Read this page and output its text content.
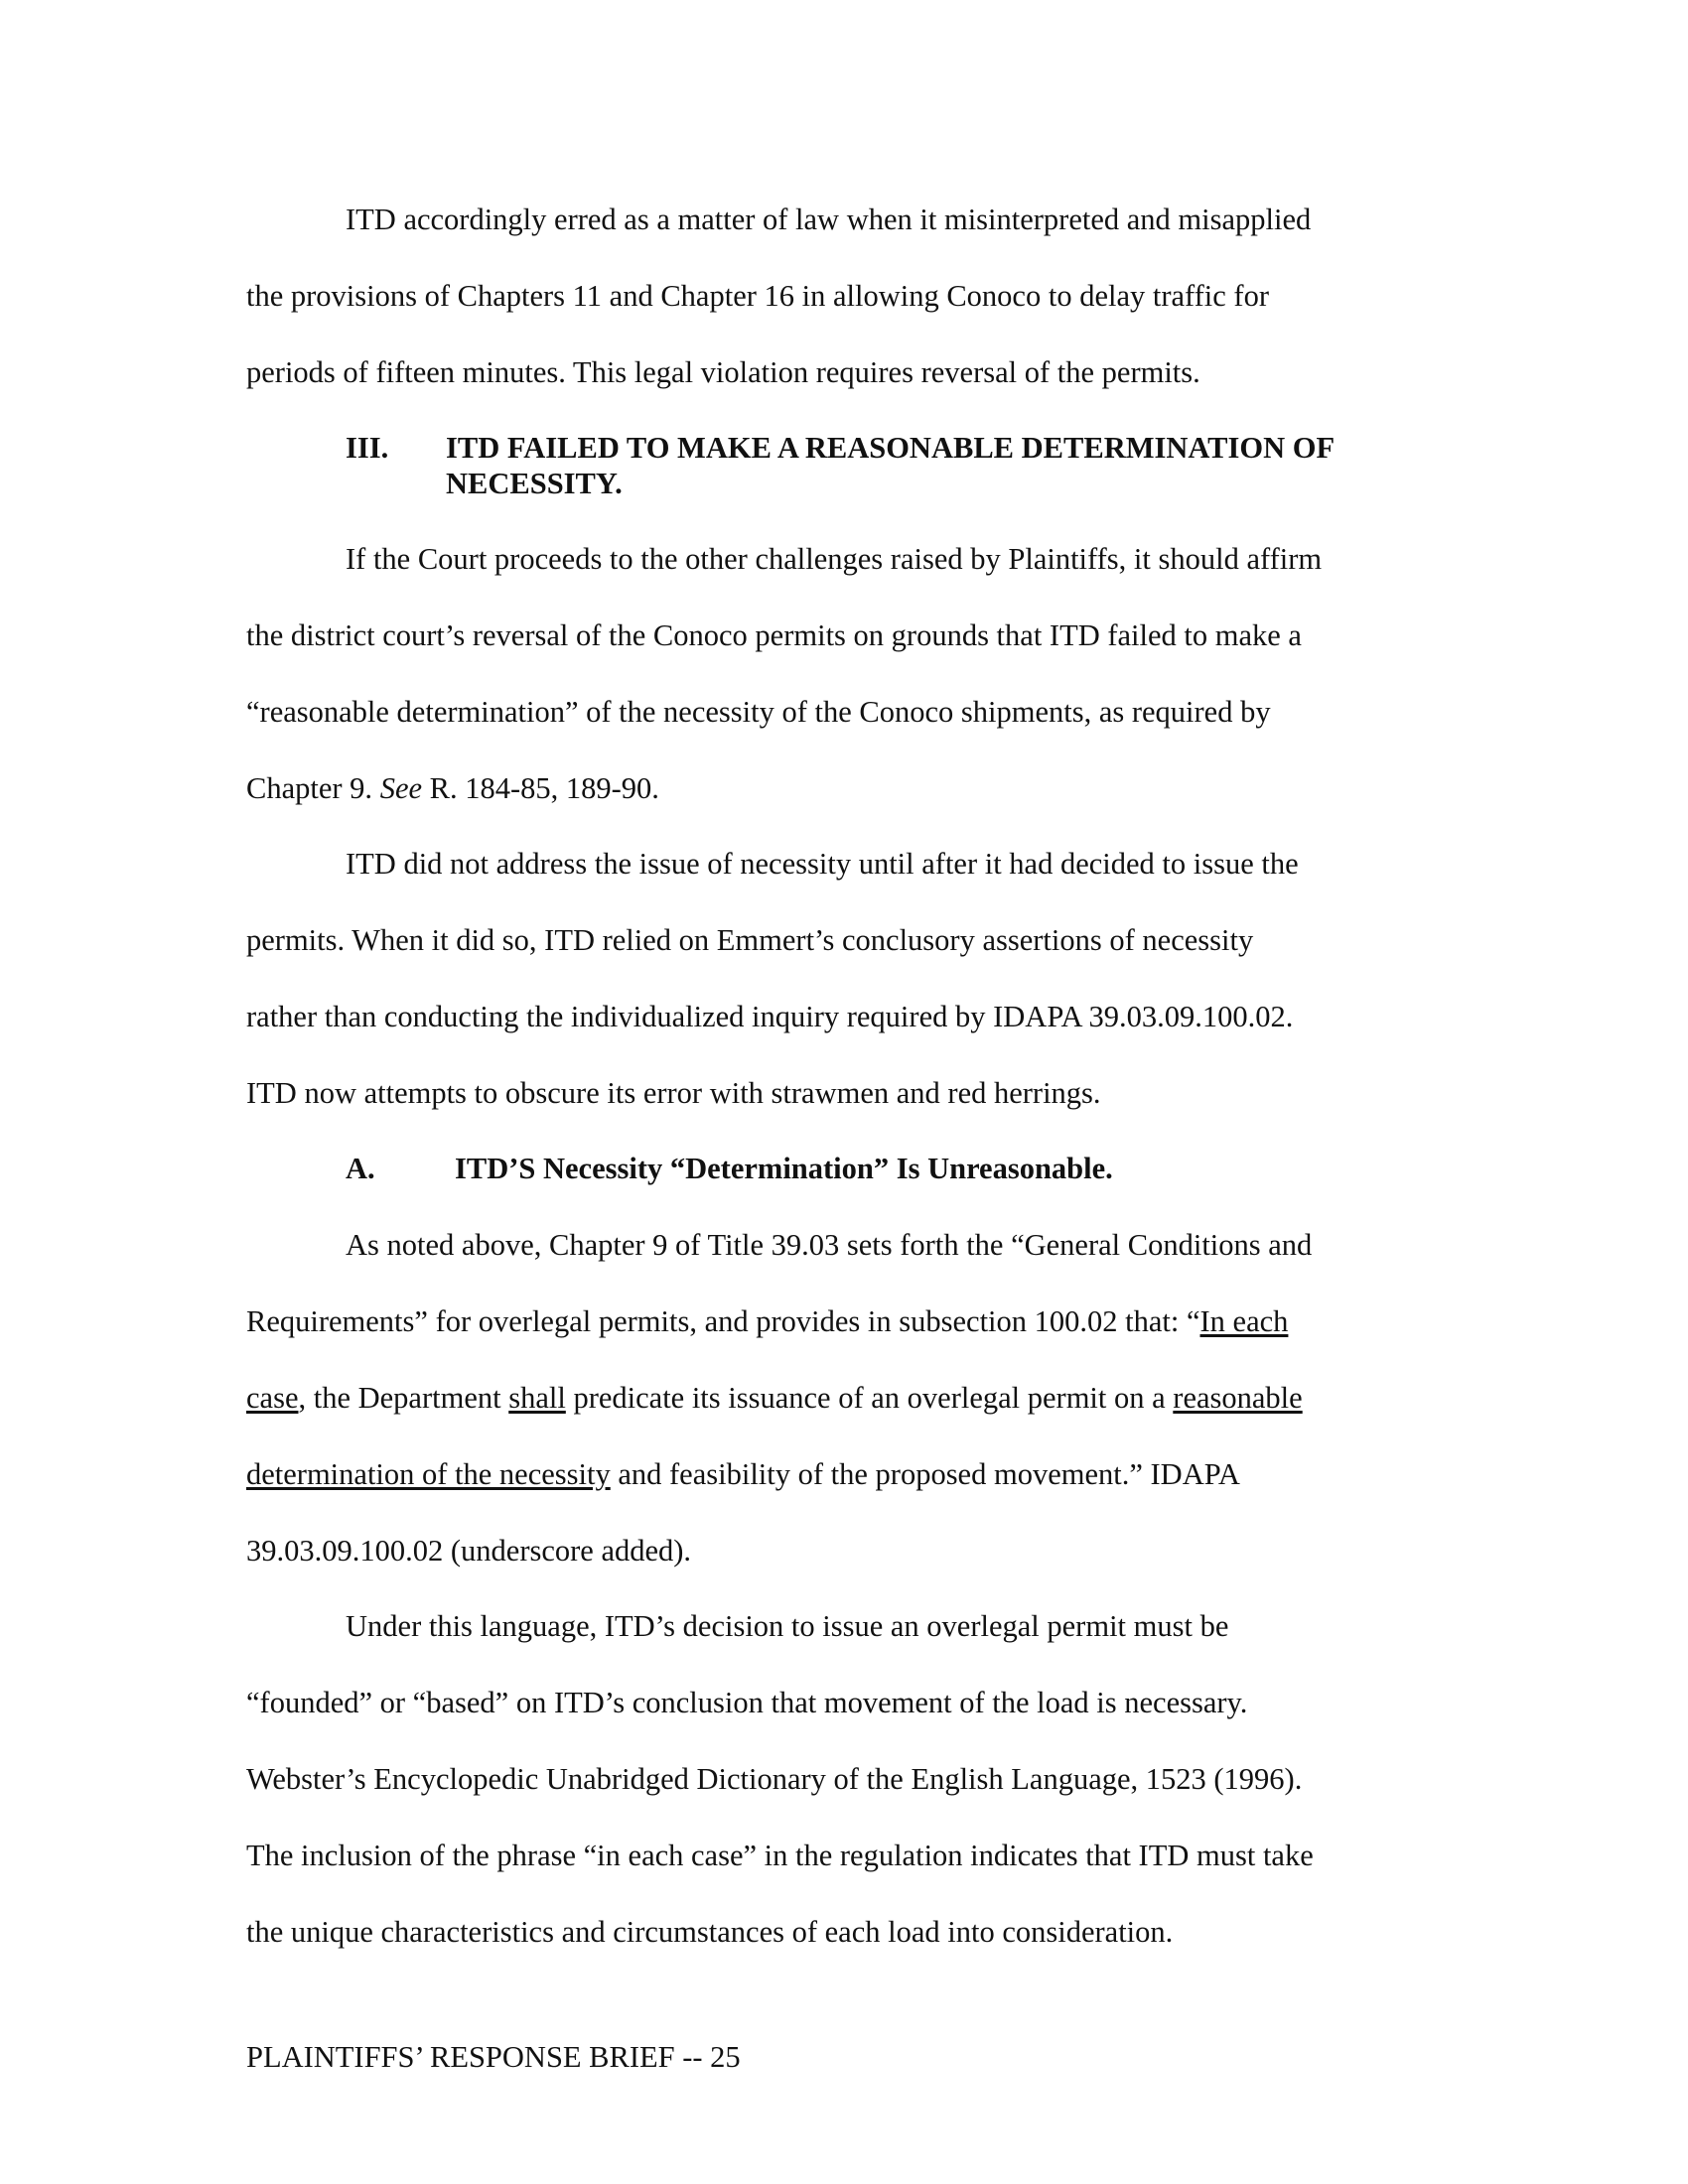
ITD accordingly erred as a matter of law when it misinterpreted and misapplied
the provisions of Chapters 11 and Chapter 16 in allowing Conoco to delay traffic for
periods of fifteen minutes. This legal violation requires reversal of the permits.
III. ITD FAILED TO MAKE A REASONABLE DETERMINATION OF
NECESSITY.
If the Court proceeds to the other challenges raised by Plaintiffs, it should affirm
the district court’s reversal of the Conoco permits on grounds that ITD failed to make a
“reasonable determination” of the necessity of the Conoco shipments, as required by
Chapter 9. See R. 184-85, 189-90.
ITD did not address the issue of necessity until after it had decided to issue the
permits. When it did so, ITD relied on Emmert’s conclusory assertions of necessity
rather than conducting the individualized inquiry required by IDAPA 39.03.09.100.02.
ITD now attempts to obscure its error with strawmen and red herrings.
A.	ITD’S Necessity “Determination” Is Unreasonable.
As noted above, Chapter 9 of Title 39.03 sets forth the “General Conditions and
Requirements” for overlegal permits, and provides in subsection 100.02 that: “In each
case, the Department shall predicate its issuance of an overlegal permit on a reasonable
determination of the necessity and feasibility of the proposed movement.” IDAPA
39.03.09.100.02 (underscore added).
Under this language, ITD’s decision to issue an overlegal permit must be
“founded” or “based” on ITD’s conclusion that movement of the load is necessary.
Webster’s Encyclopedic Unabridged Dictionary of the English Language, 1523 (1996).
The inclusion of the phrase “in each case” in the regulation indicates that ITD must take
the unique characteristics and circumstances of each load into consideration.
PLAINTIFFS’ RESPONSE BRIEF -- 25
